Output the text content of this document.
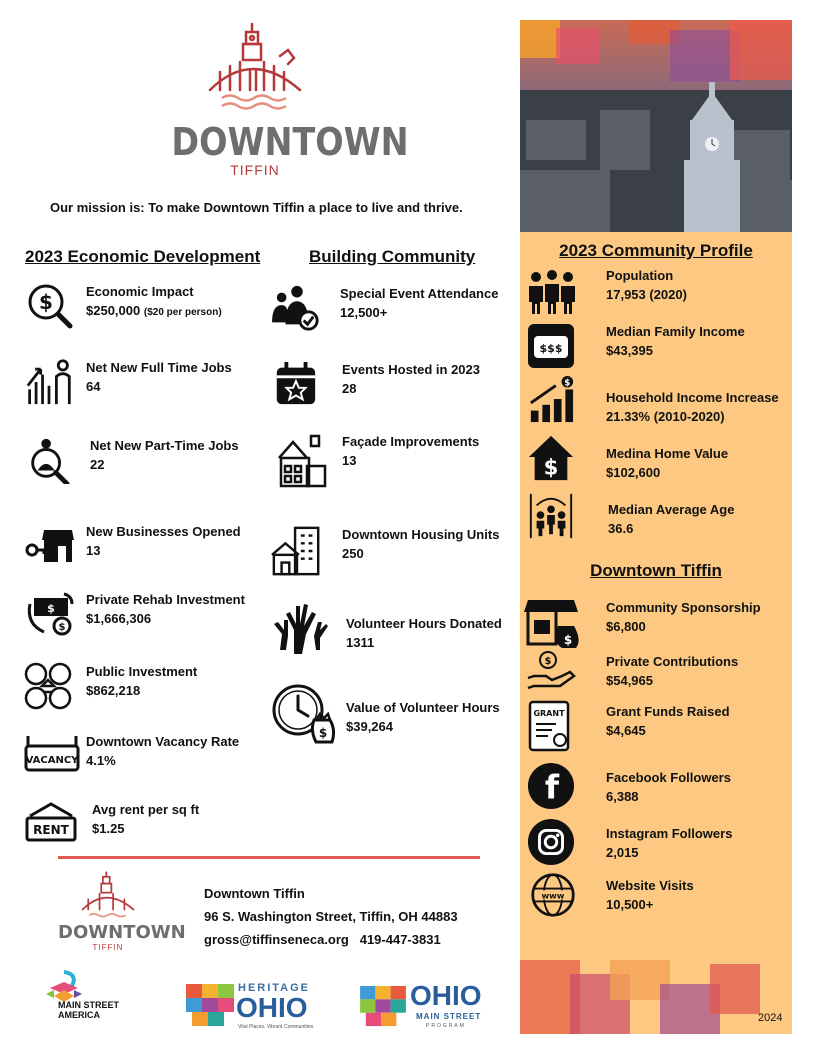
DOWNTOWN
TIFFIN
Our mission is: To make Downtown Tiffin a place to live and thrive.
2023 Economic Development
$	Economic Impact
$250,000 ($20 per person)
Net New Full Time Jobs
64
Net New Part-Time Jobs
22
New Businesses Opened
13
$
$
Private Rehab Investment
$1,666,306
Public Investment
$862,218
VACANCY
Downtown Vacancy Rate
4.1%
RENT
Avg rent per sq ft
$1.25
Building Community
Special Event Attendance
12,500+
Events Hosted in 2023
28
Façade Improvements
13
Downtown Housing Units
250
Volunteer Hours Donated
1311
$
Value of Volunteer Hours
$39,264
2023 Community Profile
Population
17,953 (2020)
$$$
Median Family Income
$43,395
$
Household Income Increase
21.33% (2010-2020)
$
Medina Home Value
$102,600
Median Average Age
36.6
Downtown Tiffin
$
Community Sponsorship
$6,800
$	Private Contributions
$54,965
GRANT	Grant Funds Raised
$4,645
f	Facebook Followers
6,388
Instagram Followers
2,015
www
Website Visits
10,500+
2024
DOWNTOWN
TIFFIN
Downtown Tiffin
96 S. Washington Street, Tiffin, OH 44883
gross@tiffinseneca.org 419-447-3831
MAIN STREET
AMERICA
HERITAGE
OHIO
Vital Places. Vibrant Communities.
OHIO
MAIN STREET
PROGRAM
